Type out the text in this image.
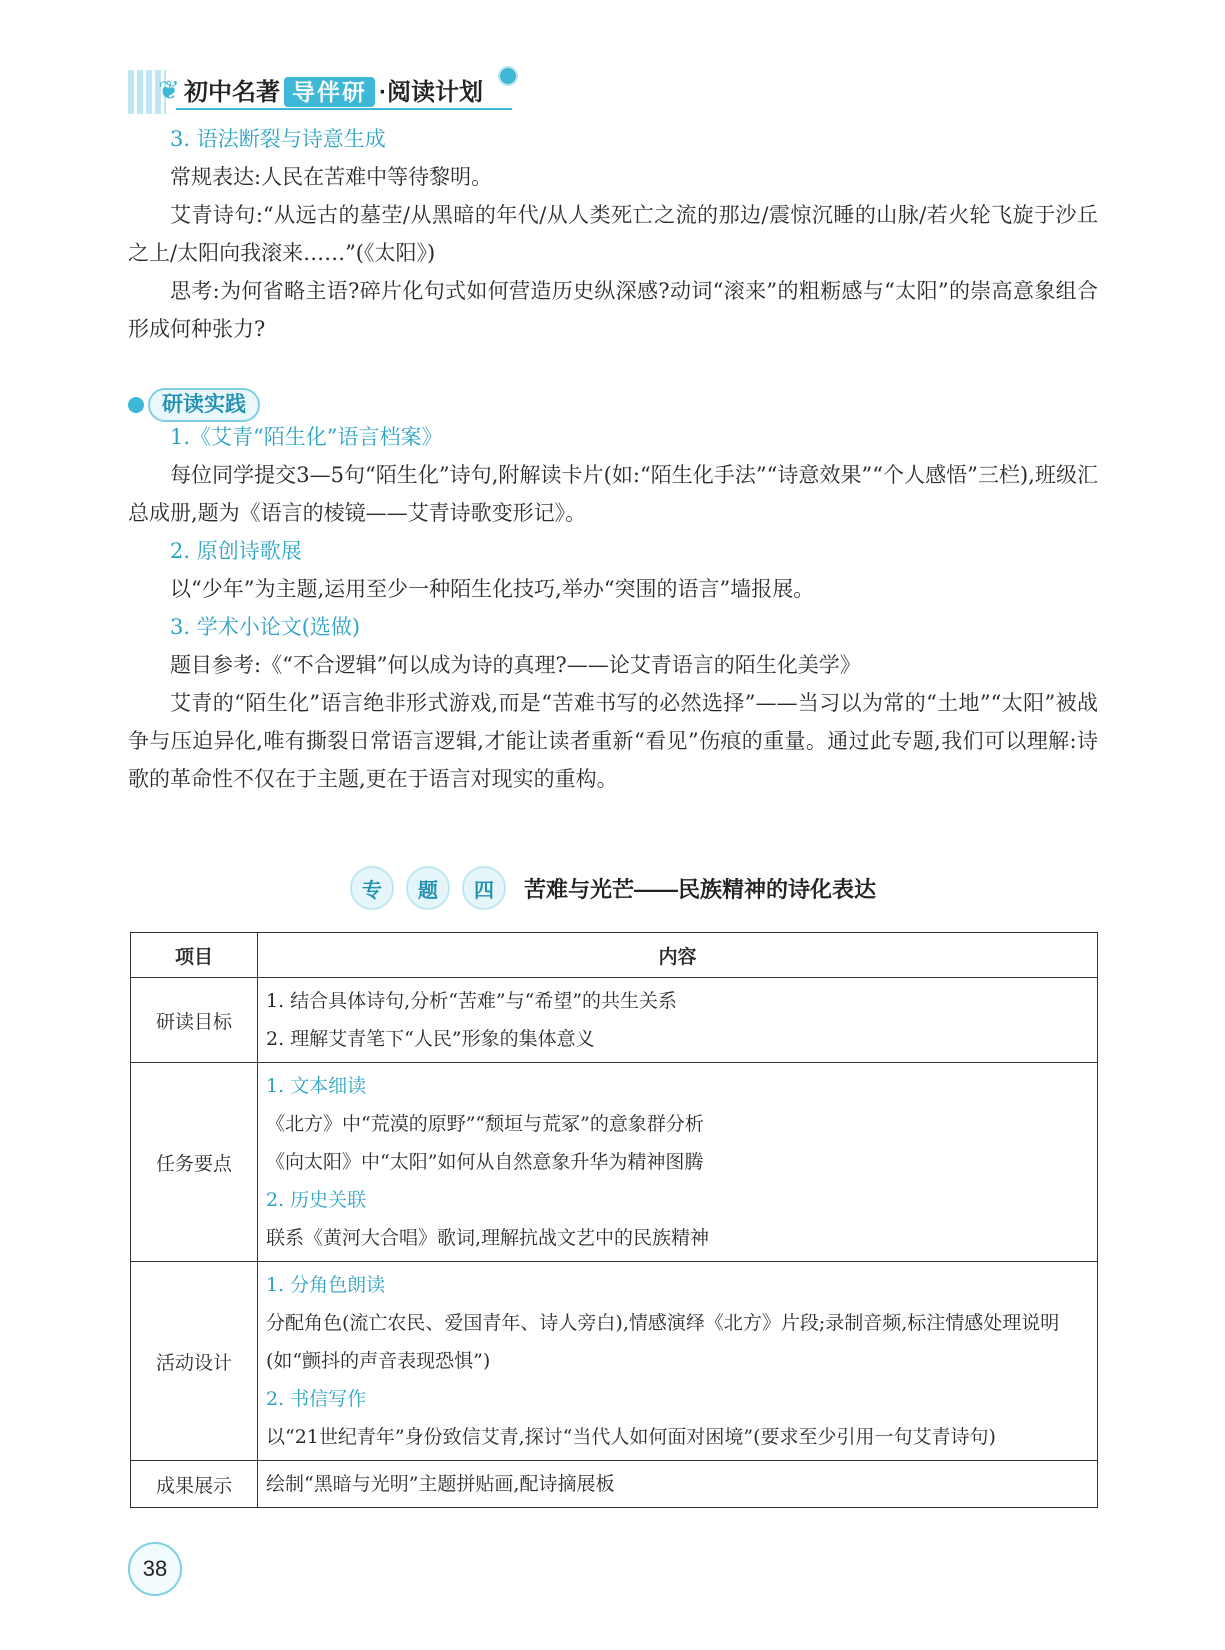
❦ 初中名著 导伴研 ·阅读计划

3. 语法断裂与诗意生成

常规表达:人民在苦难中等待黎明。

艾青诗句:“从远古的墓茔/从黑暗的年代/从人类死亡之流的那边/震惊沉睡的山脉/若火轮飞旋于沙丘之上/太阳向我滚来……”(《太阳》)

思考:为何省略主语?碎片化句式如何营造历史纵深感?动词“滚来”的粗粝感与“太阳”的崇高意象组合形成何种张力?

研读实践

1.《艾青“陌生化”语言档案》

每位同学提交3—5句“陌生化”诗句,附解读卡片(如:“陌生化手法”“诗意效果”“个人感悟”三栏),班级汇总成册,题为《语言的棱镜——艾青诗歌变形记》。

2. 原创诗歌展

以“少年”为主题,运用至少一种陌生化技巧,举办“突围的语言”墙报展。

3. 学术小论文(选做)

题目参考:《“不合逻辑”何以成为诗的真理?——论艾青语言的陌生化美学》

艾青的“陌生化”语言绝非形式游戏,而是“苦难书写的必然选择”——当习以为常的“土地”“太阳”被战争与压迫异化,唯有撕裂日常语言逻辑,才能让读者重新“看见”伤痕的重量。通过此专题,我们可以理解:诗歌的革命性不仅在于主题,更在于语言对现实的重构。

专	题	四	苦难与光芒——民族精神的诗化表达
项目	内容
研读目标	1. 结合具体诗句,分析“苦难”与“希望”的共生关系
2. 理解艾青笔下“人民”形象的集体意义

任务要点	1. 文本细读
《北方》中“荒漠的原野”“颓垣与荒冢”的意象群分析
《向太阳》中“太阳”如何从自然意象升华为精神图腾
2. 历史关联
联系《黄河大合唱》歌词,理解抗战文艺中的民族精神

活动设计	1. 分角色朗读
分配角色(流亡农民、爱国青年、诗人旁白),情感演绎《北方》片段;录制音频,标注情感处理说明(如“颤抖的声音表现恐惧”)
2. 书信写作
以“21世纪青年”身份致信艾青,探讨“当代人如何面对困境”(要求至少引用一句艾青诗句)

成果展示	绘制“黑暗与光明”主题拼贴画,配诗摘展板
38
